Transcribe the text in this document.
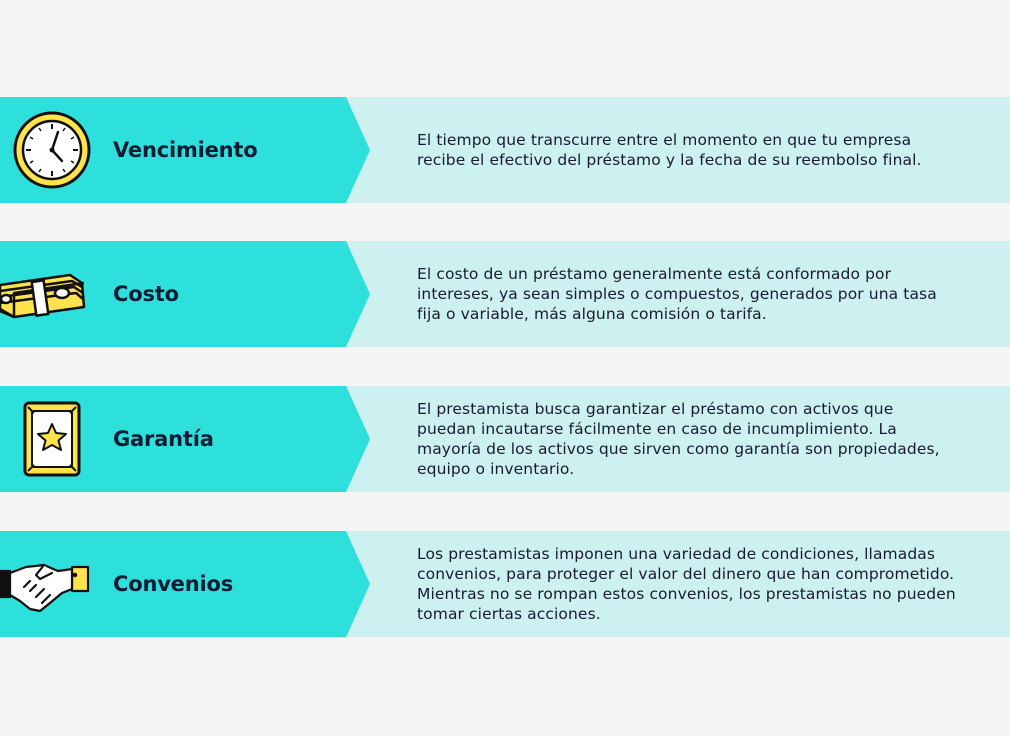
Vencimiento	El tiempo que transcurre entre el momento en que tu empresa recibe el efectivo del préstamo y la fecha de su reembolso final.
Costo
El costo de un préstamo generalmente está conformado por intereses, ya sean simples o compuestos, generados por una tasa fija o variable, más alguna comisión o tarifa.
Garantía
El prestamista busca garantizar el préstamo con activos que puedan incautarse fácilmente en caso de incumplimiento. La mayoría de los activos que sirven como garantía son propiedades, equipo o inventario.
Convenios
Los prestamistas imponen una variedad de condiciones, llamadas convenios, para proteger el valor del dinero que han comprometido. Mientras no se rompan estos convenios, los prestamistas no pueden tomar ciertas acciones.
